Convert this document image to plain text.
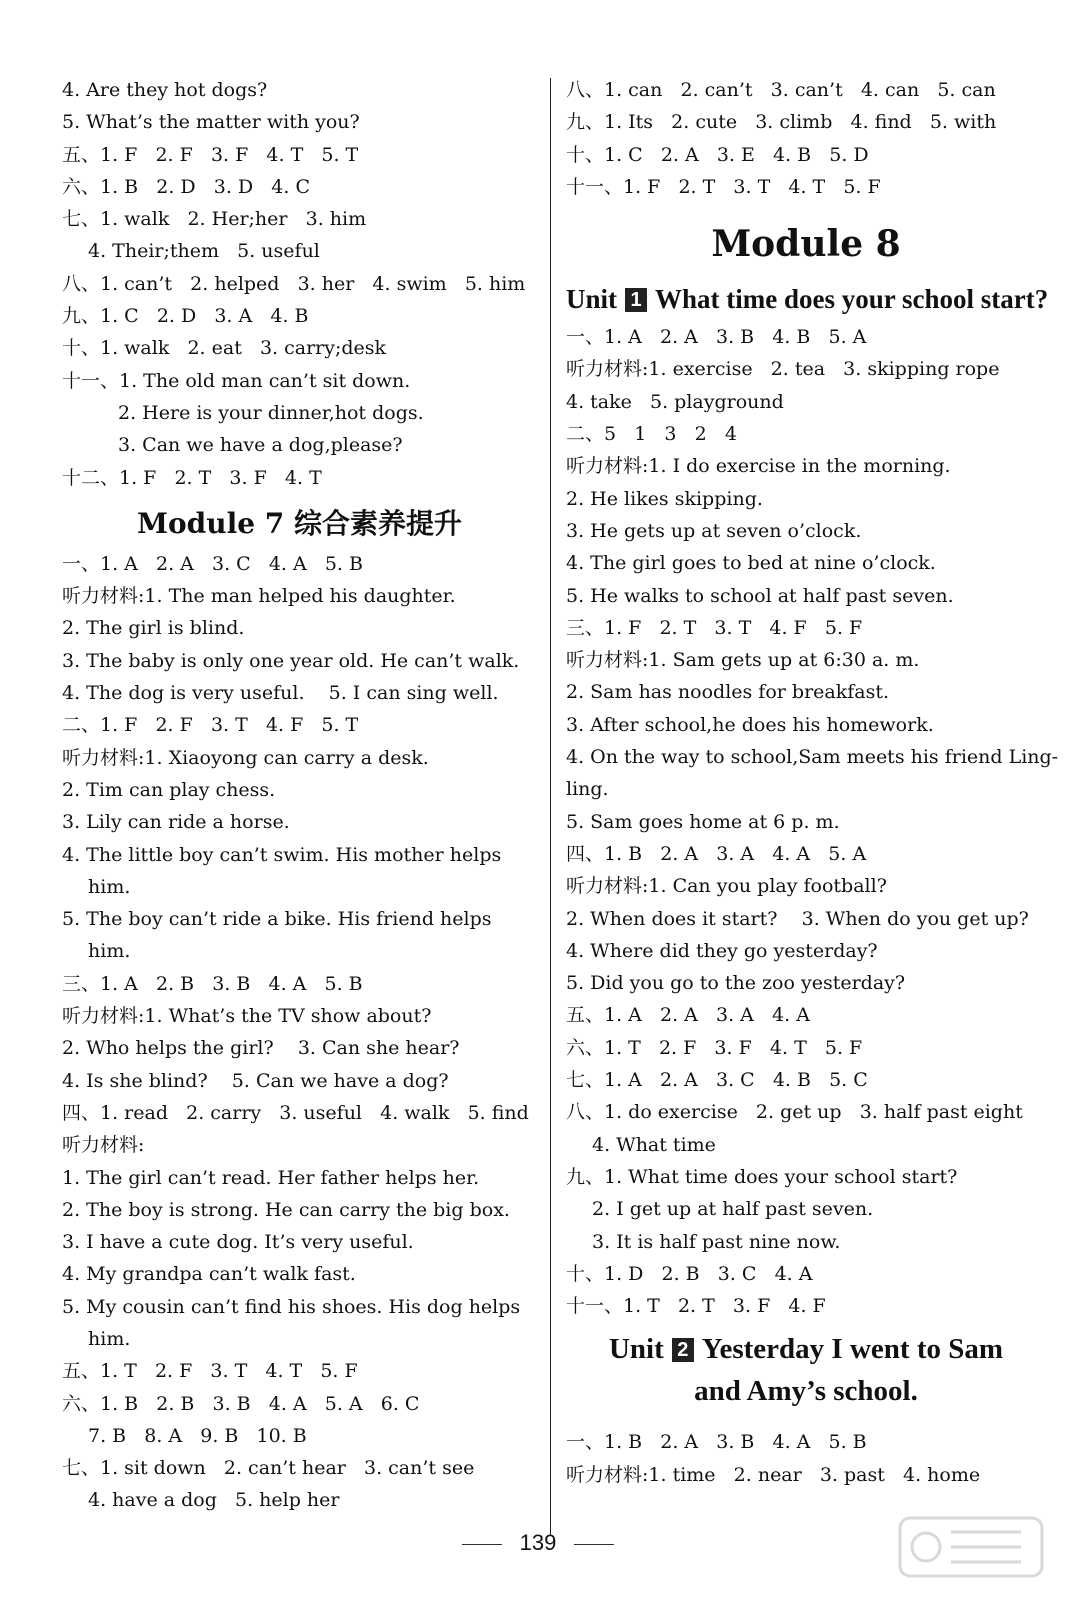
4. Are they hot dogs?
5. What’s the matter with you?
五、1. F   2. F   3. F   4. T   5. T
六、1. B   2. D   3. D   4. C
七、1. walk   2. Her;her   3. him
4. Their;them   5. useful
八、1. can’t   2. helped   3. her   4. swim   5. him
九、1. C   2. D   3. A   4. B
十、1. walk   2. eat   3. carry;desk
十一、1. The old man can’t sit down.
2. Here is your dinner,hot dogs.
3. Can we have a dog,please?
十二、1. F   2. T   3. F   4. T
Module 7 综合素养提升
一、1. A   2. A   3. C   4. A   5. B
听力材料:1. The man helped his daughter.
2. The girl is blind.
3. The baby is only one year old. He can’t walk.
4. The dog is very useful.    5. I can sing well.
二、1. F   2. F   3. T   4. F   5. T
听力材料:1. Xiaoyong can carry a desk.
2. Tim can play chess.
3. Lily can ride a horse.
4. The little boy can’t swim. His mother helps
him.
5. The boy can’t ride a bike. His friend helps
him.
三、1. A   2. B   3. B   4. A   5. B
听力材料:1. What’s the TV show about?
2. Who helps the girl?    3. Can she hear?
4. Is she blind?    5. Can we have a dog?
四、1. read   2. carry   3. useful   4. walk   5. find
听力材料:
1. The girl can’t read. Her father helps her.
2. The boy is strong. He can carry the big box.
3. I have a cute dog. It’s very useful.
4. My grandpa can’t walk fast.
5. My cousin can’t find his shoes. His dog helps
him.
五、1. T   2. F   3. T   4. T   5. F
六、1. B   2. B   3. B   4. A   5. A   6. C
7. B   8. A   9. B   10. B
七、1. sit down   2. can’t hear   3. can’t see
4. have a dog   5. help her
八、1. can   2. can’t   3. can’t   4. can   5. can
九、1. Its   2. cute   3. climb   4. find   5. with
十、1. C   2. A   3. E   4. B   5. D
十一、1. F   2. T   3. T   4. T   5. F
Module 8
Unit 1 What time does your school start?
一、1. A   2. A   3. B   4. B   5. A
听力材料:1. exercise   2. tea   3. skipping rope
4. take   5. playground
二、5   1   3   2   4
听力材料:1. I do exercise in the morning.
2. He likes skipping.
3. He gets up at seven o’clock.
4. The girl goes to bed at nine o’clock.
5. He walks to school at half past seven.
三、1. F   2. T   3. T   4. F   5. F
听力材料:1. Sam gets up at 6:30 a. m.
2. Sam has noodles for breakfast.
3. After school,he does his homework.
4. On the way to school,Sam meets his friend Ling-
ling.
5. Sam goes home at 6 p. m.
四、1. B   2. A   3. A   4. A   5. A
听力材料:1. Can you play football?
2. When does it start?    3. When do you get up?
4. Where did they go yesterday?
5. Did you go to the zoo yesterday?
五、1. A   2. A   3. A   4. A
六、1. T   2. F   3. F   4. T   5. F
七、1. A   2. A   3. C   4. B   5. C
八、1. do exercise   2. get up   3. half past eight
4. What time
九、1. What time does your school start?
2. I get up at half past seven.
3. It is half past nine now.
十、1. D   2. B   3. C   4. A
十一、1. T   2. T   3. F   4. F
Unit 2 Yesterday I went to Sam
and Amy’s school.
一、1. B   2. A   3. B   4. A   5. B
听力材料:1. time   2. near   3. past   4. home
139
